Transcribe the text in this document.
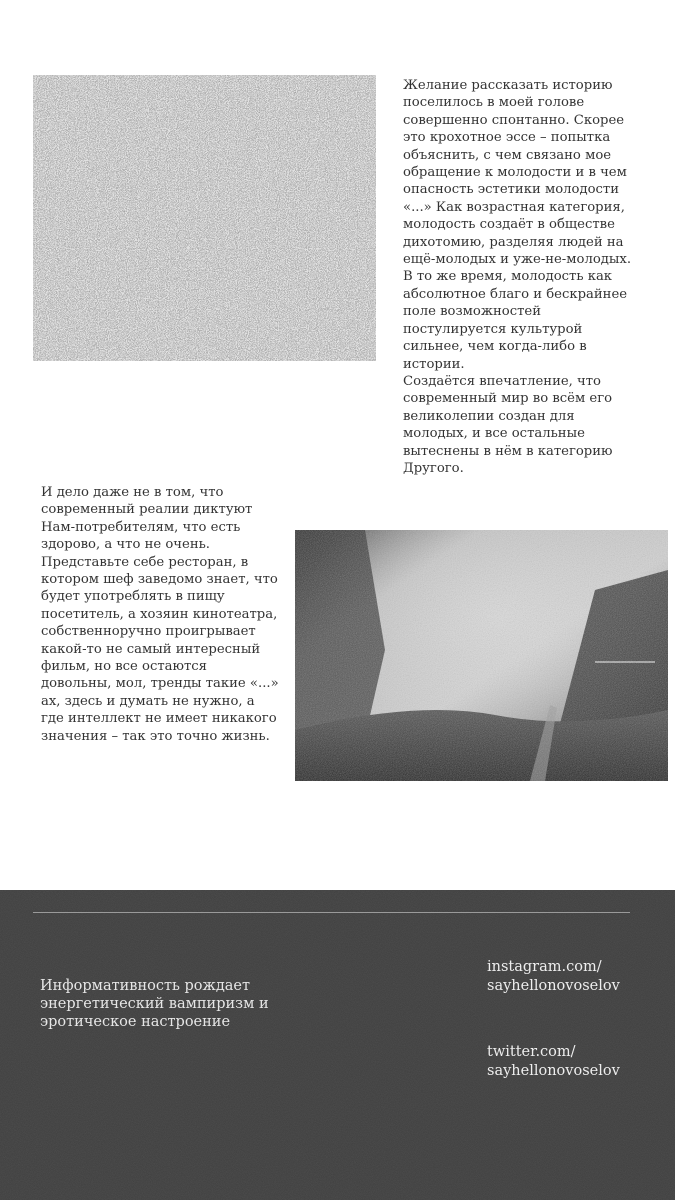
Желание рассказать историю поселилось в моей голове совершенно спонтанно. Скорее это крохотное эссе – попытка объяснить, с чем связано мое обращение к молодости и в чем опасность эстетики молодости «...» Как возрастная категория, молодость создаёт в обществе дихотомию, разделяя людей на ещё-молодых и уже-не-молодых. В то же время, молодость как абсолютное благо и бескрайнее поле возможностей постулируется культурой сильнее, чем когда-либо в истории.

Создаётся впечатление, что современный мир во всём его великолепии создан для молодых, и все остальные вытеснены в нём в категорию Другого.

И дело даже не в том, что современный реалии диктуют Нам-потребителям, что есть здорово, а что не очень. Представьте себе ресторан, в котором шеф заведомо знает, что будет употреблять в пищу посетитель, а хозяин кинотеатра, собственноручно проигрывает какой-то не самый интересный фильм, но все остаются довольны, мол, тренды такие «...» ах, здесь и думать не нужно, а где интеллект не имеет никакого значения – так это точно жизнь.

Информативность рождает энергетический вампиризм и эротическое настроение
instagram.com/
sayhellonovoselov
twitter.com/
sayhellonovoselov
